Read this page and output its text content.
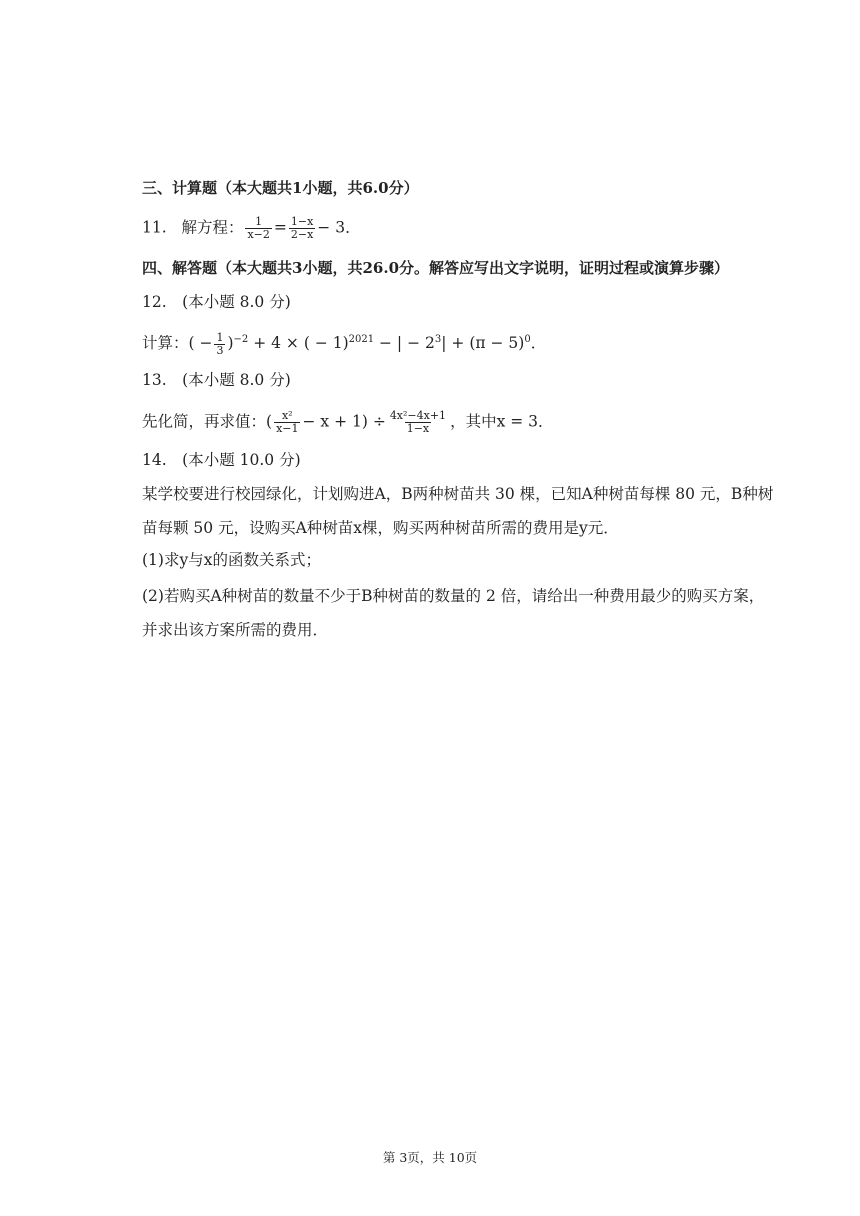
三、计算题（本大题共1小题，共6.0分）
11. 解方程： $\frac{1}{x-2} = \frac{1-x}{2-x} - 3$．
四、解答题（本大题共3小题，共26.0分。解答应写出文字说明，证明过程或演算步骤）
12.　(本小题 8.0 分)
计算：( − $\frac{1}{3} )^{-2} + 4$ × ( − 1)$^{2021}$ − | − $2^3| + (\pi - 5)^0$．
13.　(本小题 8.0 分)
先化简，再求值：( $\frac{\text{x²}}{x-1} - x + 1) \div \frac{\text{4x²−4x+1}}{1-x}$ ，其中x = 3．
14.　(本小题 10.0 分)
某学校要进行校园绿化，计划购进A，B两种树苗共 30 棵，已知A种树苗每棵 80 元，B种树
苗每颗 50 元，设购买A种树苗x棵，购买两种树苗所需的费用是y元．
(1)求y与x的函数关系式；
(2)若购买A种树苗的数量不少于B种树苗的数量的 2 倍，请给出一种费用最少的购买方案，
并求出该方案所需的费用．
第 3页，共 10页
